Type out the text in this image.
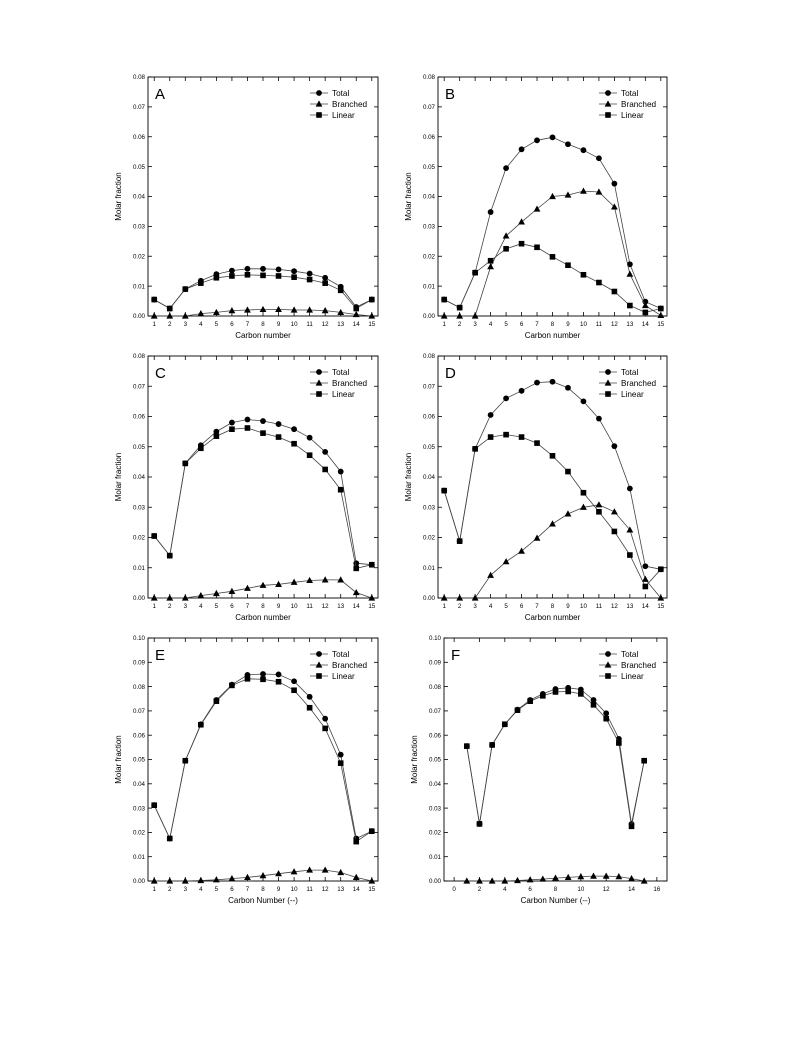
0.00
0.01
0.02
0.03
0.04
0.05
0.06
0.07
0.08
1 2 3 4 5 6 7 8 9 10 11 12 13 14 15
Carbon number
Molar fraction
A	Total
Branched
Linear
0.00
0.01
0.02
0.03
0.04
0.05
0.06
0.07
0.08
1 2 3 4 5 6 7 8 9 10 11 12 13 14 15
Carbon number
Molar fraction
B	Total
Branched
Linear
0.00
0.01
0.02
0.03
0.04
0.05
0.06
0.07
0.08
1 2 3 4 5 6 7 8 9 10 11 12 13 14 15
Carbon number
Molar fraction
C	Total
Branched
Linear
0.00
0.01
0.02
0.03
0.04
0.05
0.06
0.07
0.08
1 2 3 4 5 6 7 8 9 10 11 12 13 14 15
Carbon number
Molar fraction
D	Total
Branched
Linear
0.00
0.01
0.02
0.03
0.04
0.05
0.06
0.07
0.08
0.09
0.10
1 2 3 4 5 6 7 8 9 10 11 12 13 14 15
Carbon Number (--)
Molar fraction
E	Total
Branched
Linear
0.00
0.01
0.02
0.03
0.04
0.05
0.06
0.07
0.08
0.09
0.10
0	2	4	6	8	10	12	14	16
Carbon Number (--)
Molar fraction
F	Total
Branched
Linear
